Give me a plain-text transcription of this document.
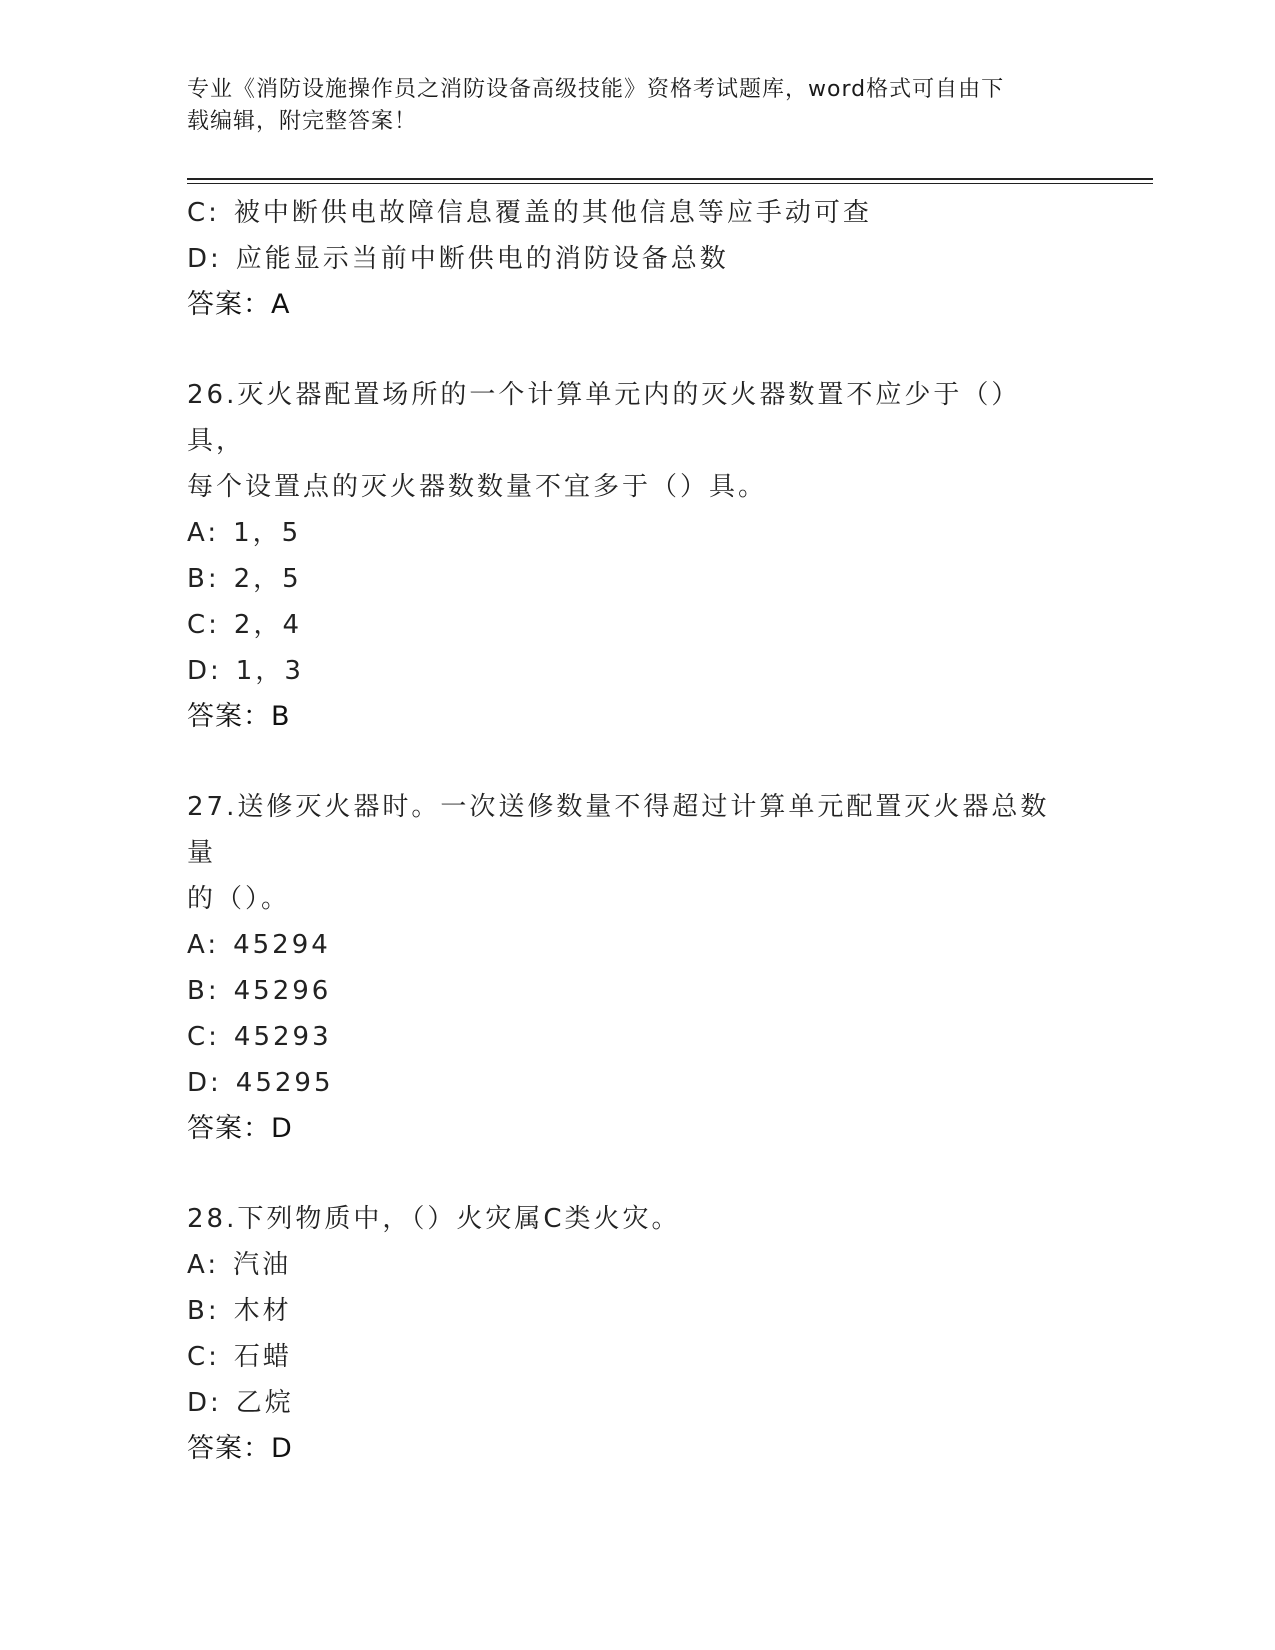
专业《消防设施操作员之消防设备高级技能》资格考试题库，word格式可自由下
载编辑，附完整答案！
C: 被中断供电故障信息覆盖的其他信息等应手动可查
D: 应能显示当前中断供电的消防设备总数
答案：A
26.灭火器配置场所的一个计算单元内的灭火器数置不应少于（）具，
每个设置点的灭火器数数量不宜多于（）具。
A: 1，5
B: 2，5
C: 2，4
D: 1，3
答案：B
27.送修灭火器时。一次送修数量不得超过计算单元配置灭火器总数量
的（）。
A: 45294
B: 45296
C: 45293
D: 45295
答案：D
28.下列物质中，（）火灾属C类火灾。
A: 汽油
B: 木材
C: 石蜡
D: 乙烷
答案：D
